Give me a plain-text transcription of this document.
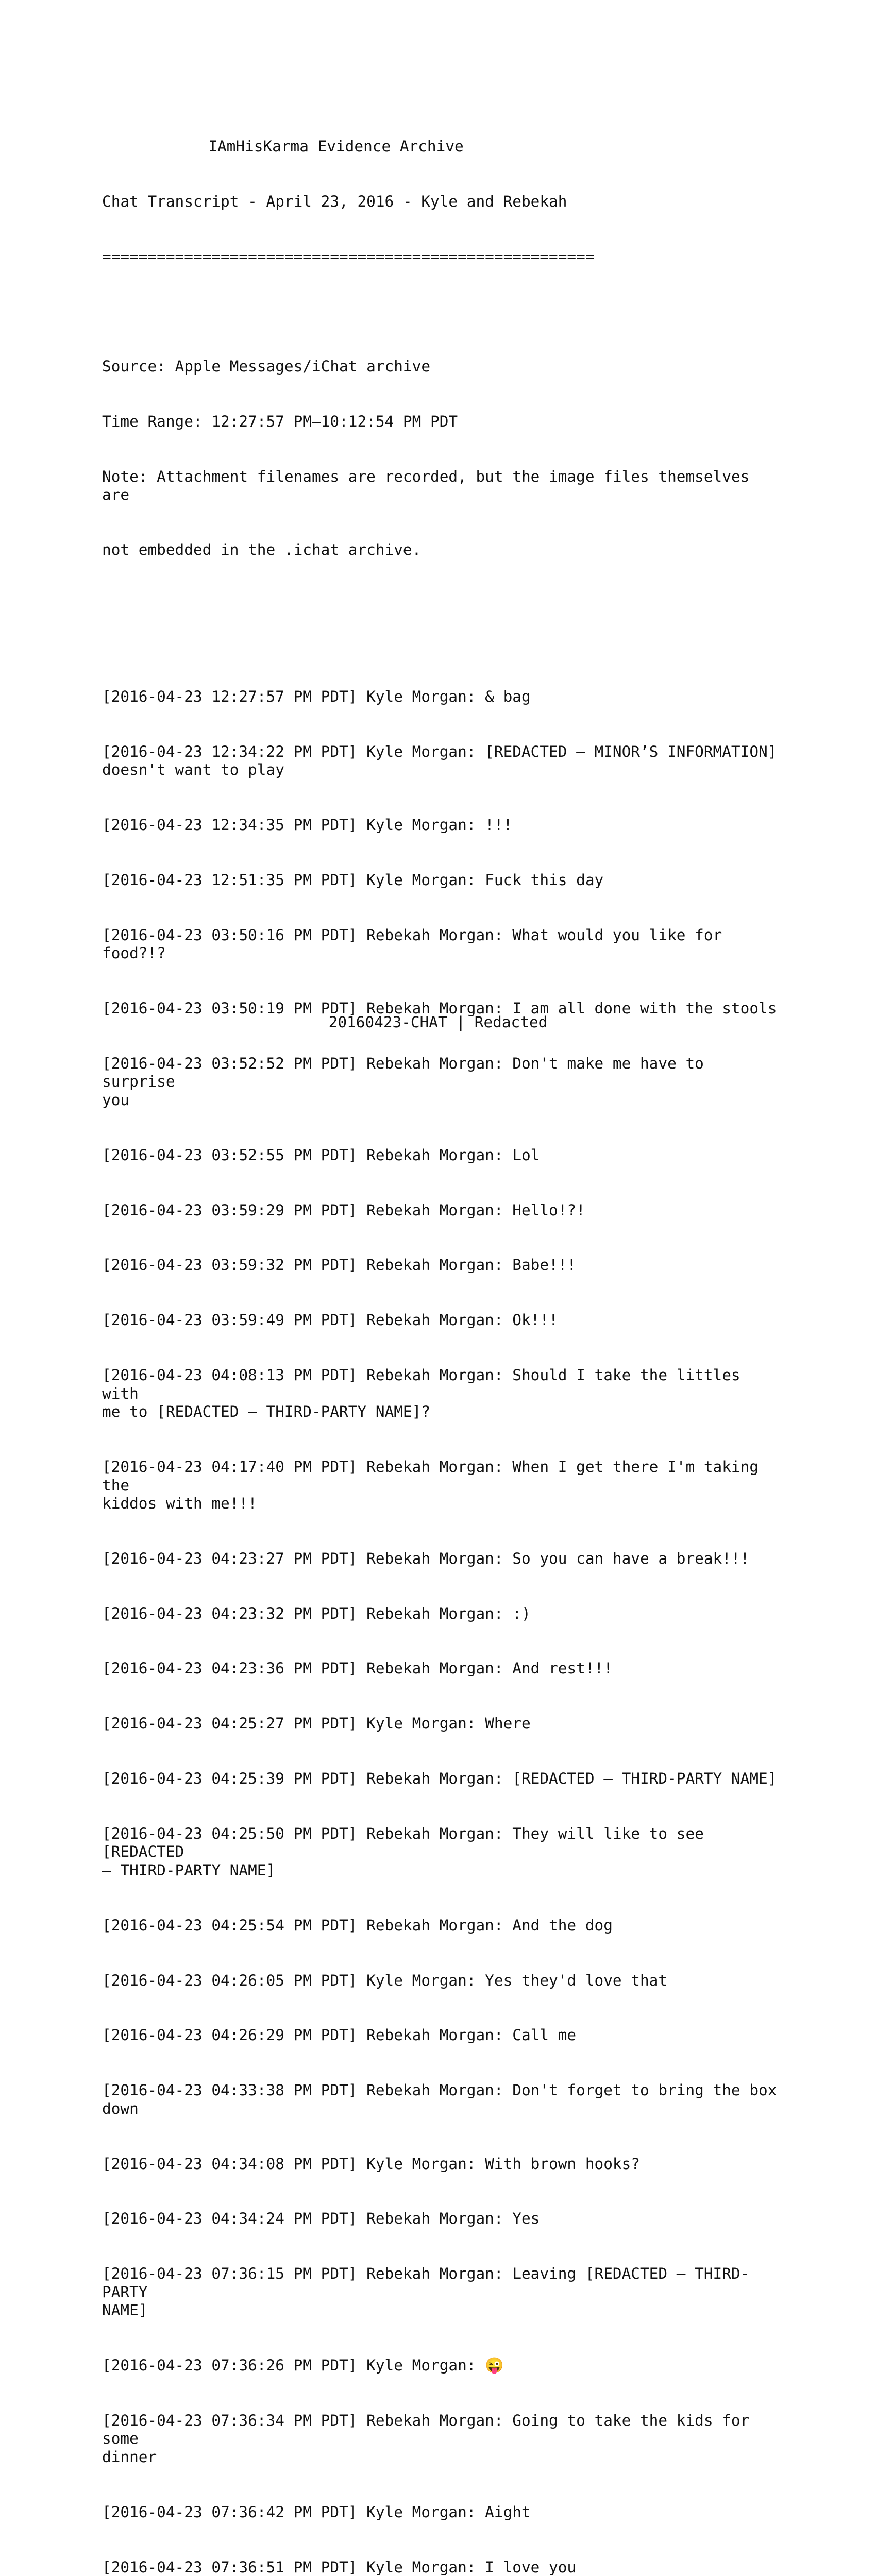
IAmHisKarma Evidence Archive

Chat Transcript - April 23, 2016 - Kyle and Rebekah

======================================================

Source: Apple Messages/iChat archive

Time Range: 12:27:57 PM–10:12:54 PM PDT

Note: Attachment filenames are recorded, but the image files themselves are

not embedded in the .ichat archive.

[2016-04-23 12:27:57 PM PDT] Kyle Morgan: & bag

[2016-04-23 12:34:22 PM PDT] Kyle Morgan: [REDACTED – MINOR’S INFORMATION]
doesn't want to play

[2016-04-23 12:34:35 PM PDT] Kyle Morgan: !!!

[2016-04-23 12:51:35 PM PDT] Kyle Morgan: Fuck this day

[2016-04-23 03:50:16 PM PDT] Rebekah Morgan: What would you like for food?!?

[2016-04-23 03:50:19 PM PDT] Rebekah Morgan: I am all done with the stools

[2016-04-23 03:52:52 PM PDT] Rebekah Morgan: Don't make me have to surprise
you

[2016-04-23 03:52:55 PM PDT] Rebekah Morgan: Lol

[2016-04-23 03:59:29 PM PDT] Rebekah Morgan: Hello!?!

[2016-04-23 03:59:32 PM PDT] Rebekah Morgan: Babe!!!

[2016-04-23 03:59:49 PM PDT] Rebekah Morgan: Ok!!!

[2016-04-23 04:08:13 PM PDT] Rebekah Morgan: Should I take the littles with
me to [REDACTED – THIRD-PARTY NAME]?

[2016-04-23 04:17:40 PM PDT] Rebekah Morgan: When I get there I'm taking the
kiddos with me!!!

[2016-04-23 04:23:27 PM PDT] Rebekah Morgan: So you can have a break!!!

[2016-04-23 04:23:32 PM PDT] Rebekah Morgan: :)

[2016-04-23 04:23:36 PM PDT] Rebekah Morgan: And rest!!!

[2016-04-23 04:25:27 PM PDT] Kyle Morgan: Where

[2016-04-23 04:25:39 PM PDT] Rebekah Morgan: [REDACTED – THIRD-PARTY NAME]

[2016-04-23 04:25:50 PM PDT] Rebekah Morgan: They will like to see [REDACTED
– THIRD-PARTY NAME]

[2016-04-23 04:25:54 PM PDT] Rebekah Morgan: And the dog

[2016-04-23 04:26:05 PM PDT] Kyle Morgan: Yes they'd love that

[2016-04-23 04:26:29 PM PDT] Rebekah Morgan: Call me

[2016-04-23 04:33:38 PM PDT] Rebekah Morgan: Don't forget to bring the box
down

[2016-04-23 04:34:08 PM PDT] Kyle Morgan: With brown hooks?

[2016-04-23 04:34:24 PM PDT] Rebekah Morgan: Yes

[2016-04-23 07:36:15 PM PDT] Rebekah Morgan: Leaving [REDACTED – THIRD-PARTY
NAME]

[2016-04-23 07:36:26 PM PDT] Kyle Morgan: 😜

[2016-04-23 07:36:34 PM PDT] Rebekah Morgan: Going to take the kids for some
dinner

[2016-04-23 07:36:42 PM PDT] Kyle Morgan: Aight

[2016-04-23 07:36:51 PM PDT] Kyle Morgan: I love you

20160423-CHAT | Redacted
